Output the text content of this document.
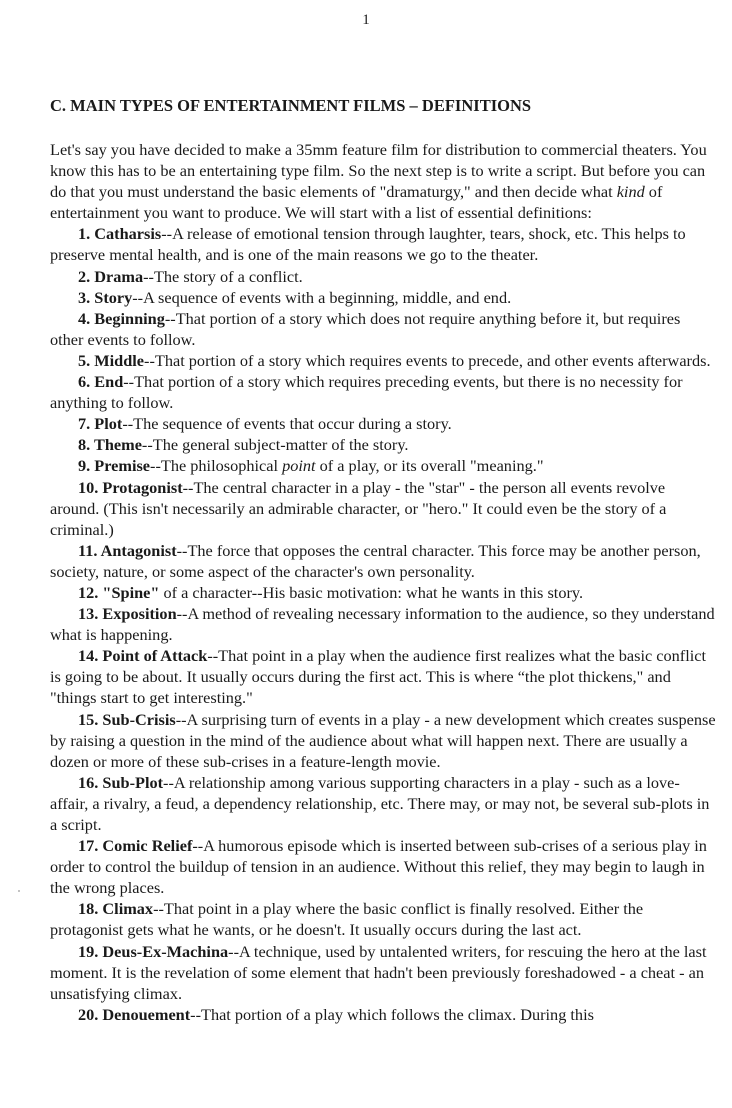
1
C. MAIN TYPES OF ENTERTAINMENT FILMS – DEFINITIONS

Let's say you have decided to make a 35mm feature film for distribution to commercial theaters. You know this has to be an entertaining type film. So the next step is to write a script. But before you can do that you must understand the basic elements of "dramaturgy," and then decide what kind of entertainment you want to produce. We will start with a list of essential definitions:

1. Catharsis--A release of emotional tension through laughter, tears, shock, etc. This helps to preserve mental health, and is one of the main reasons we go to the theater.

2. Drama--The story of a conflict.

3. Story--A sequence of events with a beginning, middle, and end.

4. Beginning--That portion of a story which does not require anything before it, but requires other events to follow.

5. Middle--That portion of a story which requires events to precede, and other events afterwards.

6. End--That portion of a story which requires preceding events, but there is no necessity for anything to follow.

7. Plot--The sequence of events that occur during a story.

8. Theme--The general subject-matter of the story.

9. Premise--The philosophical point of a play, or its overall "meaning."

10. Protagonist--The central character in a play - the "star" - the person all events revolve around. (This isn't necessarily an admirable character, or "hero." It could even be the story of a criminal.)

11. Antagonist--The force that opposes the central character. This force may be another person, society, nature, or some aspect of the character's own personality.

12. "Spine" of a character--His basic motivation: what he wants in this story.

13. Exposition--A method of revealing necessary information to the audience, so they understand what is happening.

14. Point of Attack--That point in a play when the audience first realizes what the basic conflict is going to be about. It usually occurs during the first act. This is where “the plot thickens," and "things start to get interesting."

15. Sub-Crisis--A surprising turn of events in a play - a new development which creates suspense by raising a question in the mind of the audience about what will happen next. There are usually a dozen or more of these sub-crises in a feature-length movie.

16. Sub-Plot--A relationship among various supporting characters in a play - such as a love-affair, a rivalry, a feud, a dependency relationship, etc. There may, or may not, be several sub-plots in a script.

17. Comic Relief--A humorous episode which is inserted between sub-crises of a serious play in order to control the buildup of tension in an audience. Without this relief, they may begin to laugh in the wrong places.

18. Climax--That point in a play where the basic conflict is finally resolved. Either the protagonist gets what he wants, or he doesn't. It usually occurs during the last act.

19. Deus-Ex-Machina--A technique, used by untalented writers, for rescuing the hero at the last moment. It is the revelation of some element that hadn't been previously foreshadowed - a cheat - an unsatisfying climax.

20. Denouement--That portion of a play which follows the climax. During this
